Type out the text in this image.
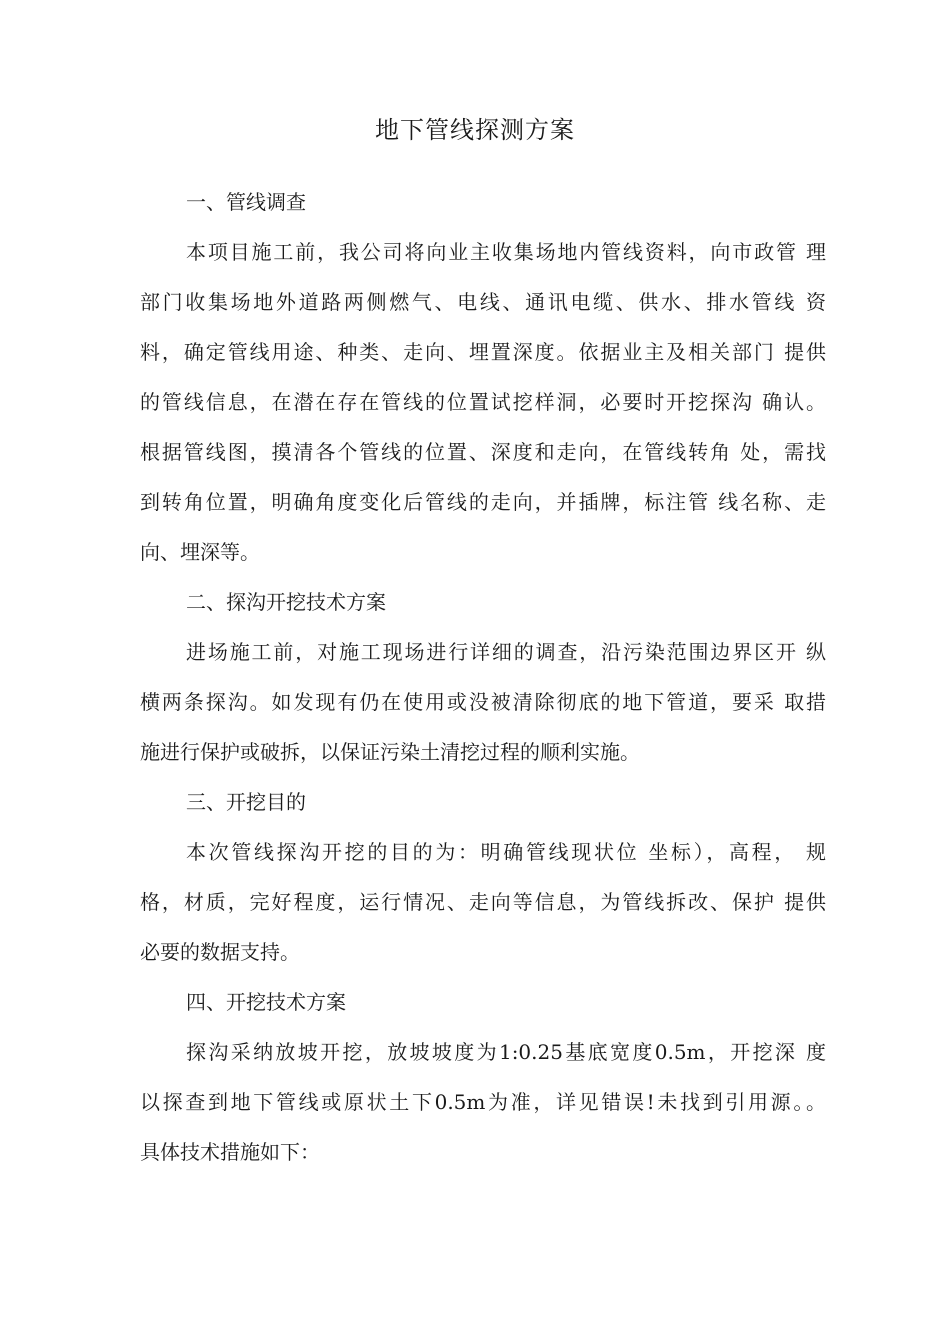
地下管线探测方案
一、管线调查
本项目施工前，我公司将向业主收集场地内管线资料，向市政管 理
部门收集场地外道路两侧燃气、电线、通讯电缆、供水、排水管线 资
料，确定管线用途、种类、走向、埋置深度。依据业主及相关部门 提供
的管线信息，在潜在存在管线的位置试挖样洞，必要时开挖探沟 确认。
根据管线图，摸清各个管线的位置、深度和走向，在管线转角 处，需找
到转角位置，明确角度变化后管线的走向，并插牌，标注管 线名称、走
向、埋深等。
二、探沟开挖技术方案
进场施工前，对施工现场进行详细的调查，沿污染范围边界区开 纵
横两条探沟。如发现有仍在使用或没被清除彻底的地下管道，要采 取措
施进行保护或破拆，以保证污染土清挖过程的顺利实施。
三、开挖目的
本次管线探沟开挖的目的为：明确管线现状位 坐标），高程， 规
格，材质，完好程度，运行情况、走向等信息，为管线拆改、保护 提供
必要的数据支持。
四、开挖技术方案
探沟采纳放坡开挖，放坡坡度为1:0.25基底宽度0.5m，开挖深 度
以探查到地下管线或原状土下0.5m为准，详见错误!未找到引用源。。
具体技术措施如下：
